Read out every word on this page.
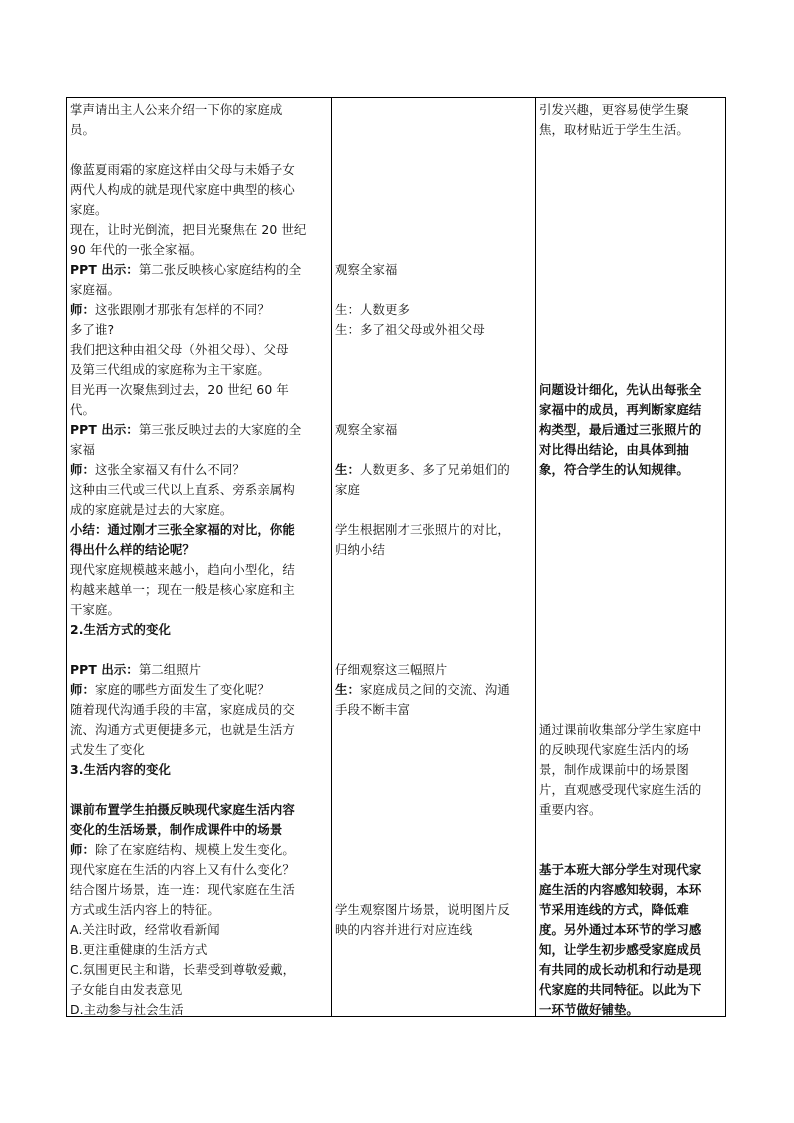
掌声请出主人公来介绍一下你的家庭成
员。
像蓝夏雨霜的家庭这样由父母与未婚子女
两代人构成的就是现代家庭中典型的核心
家庭。
现在，让时光倒流，把目光聚焦在 20 世纪
90 年代的一张全家福。
PPT 出示：第二张反映核心家庭结构的全
家庭福。
师：这张跟刚才那张有怎样的不同？
多了谁?
我们把这种由祖父母（外祖父母）、父母
及第三代组成的家庭称为主干家庭。
目光再一次聚焦到过去，20 世纪 60 年
代。
PPT 出示：第三张反映过去的大家庭的全
家福
师：这张全家福又有什么不同？
这种由三代或三代以上直系、旁系亲属构
成的家庭就是过去的大家庭。
小结：通过刚才三张全家福的对比，你能
得出什么样的结论呢？
现代家庭规模越来越小，趋向小型化，结
构越来越单一；现在一般是核心家庭和主
干家庭。
2.生活方式的变化
PPT 出示：第二组照片
师：家庭的哪些方面发生了变化呢？
随着现代沟通手段的丰富，家庭成员的交
流、沟通方式更便捷多元，也就是生活方
式发生了变化
3.生活内容的变化
课前布置学生拍摄反映现代家庭生活内容
变化的生活场景，制作成课件中的场景
师：除了在家庭结构、规模上发生变化。
现代家庭在生活的内容上又有什么变化？
结合图片场景，连一连：现代家庭在生活
方式或生活内容上的特征。
A.关注时政，经常收看新闻
B.更注重健康的生活方式
C.氛围更民主和谐，长辈受到尊敬爱戴，
子女能自由发表意见
D.主动参与社会生活
观察全家福
生：人数更多
生：多了祖父母或外祖父母
观察全家福
生：人数更多、多了兄弟姐们的
家庭
学生根据刚才三张照片的对比，
归纳小结
仔细观察这三幅照片
生：家庭成员之间的交流、沟通
手段不断丰富
学生观察图片场景，说明图片反
映的内容并进行对应连线
引发兴趣，更容易使学生聚
焦，取材贴近于学生生活。
问题设计细化，先认出每张全
家福中的成员，再判断家庭结
构类型，最后通过三张照片的
对比得出结论，由具体到抽
象，符合学生的认知规律。
通过课前收集部分学生家庭中
的反映现代家庭生活内的场
景，制作成课前中的场景图
片，直观感受现代家庭生活的
重要内容。
基于本班大部分学生对现代家
庭生活的内容感知较弱，本环
节采用连线的方式，降低难
度。另外通过本环节的学习感
知，让学生初步感受家庭成员
有共同的成长动机和行动是现
代家庭的共同特征。以此为下
一环节做好铺垫。
